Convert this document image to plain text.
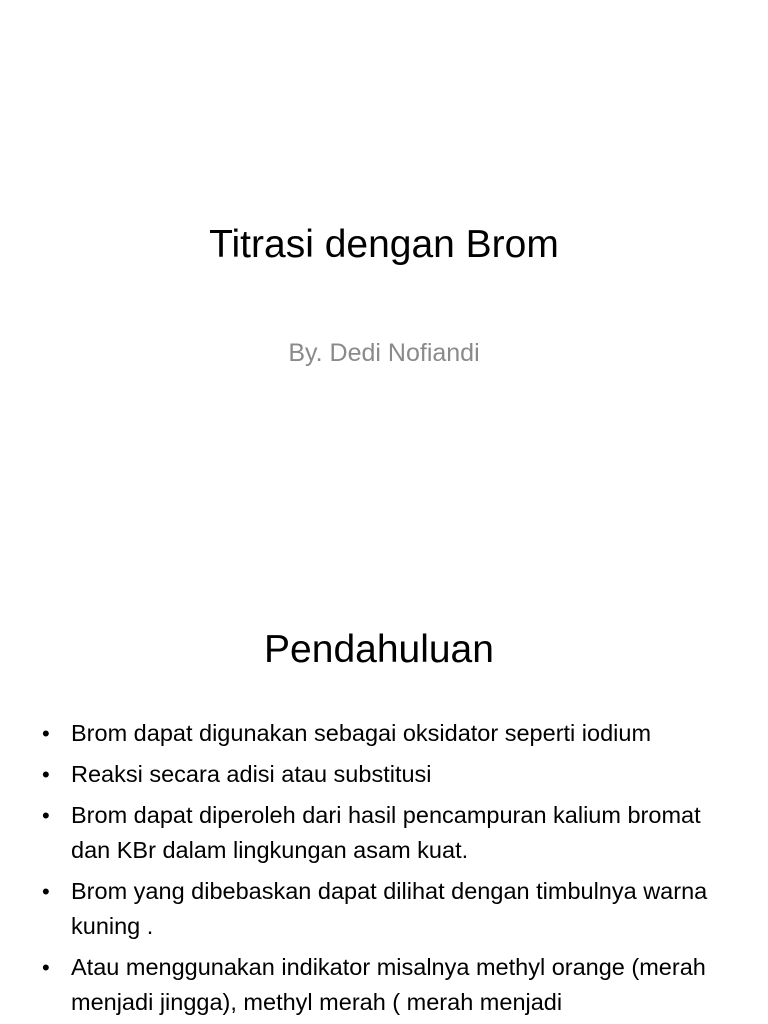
Titrasi dengan Brom
By. Dedi Nofiandi
Pendahuluan
• Brom dapat digunakan sebagai oksidator seperti iodium
• Reaksi secara adisi atau substitusi
• Brom dapat diperoleh dari hasil pencampuran kalium bromat dan KBr dalam lingkungan asam kuat.
• Brom yang dibebaskan dapat dilihat dengan timbulnya warna kuning .
• Atau menggunakan indikator misalnya methyl orange (merah menjadi jingga), methyl merah ( merah menjadi
